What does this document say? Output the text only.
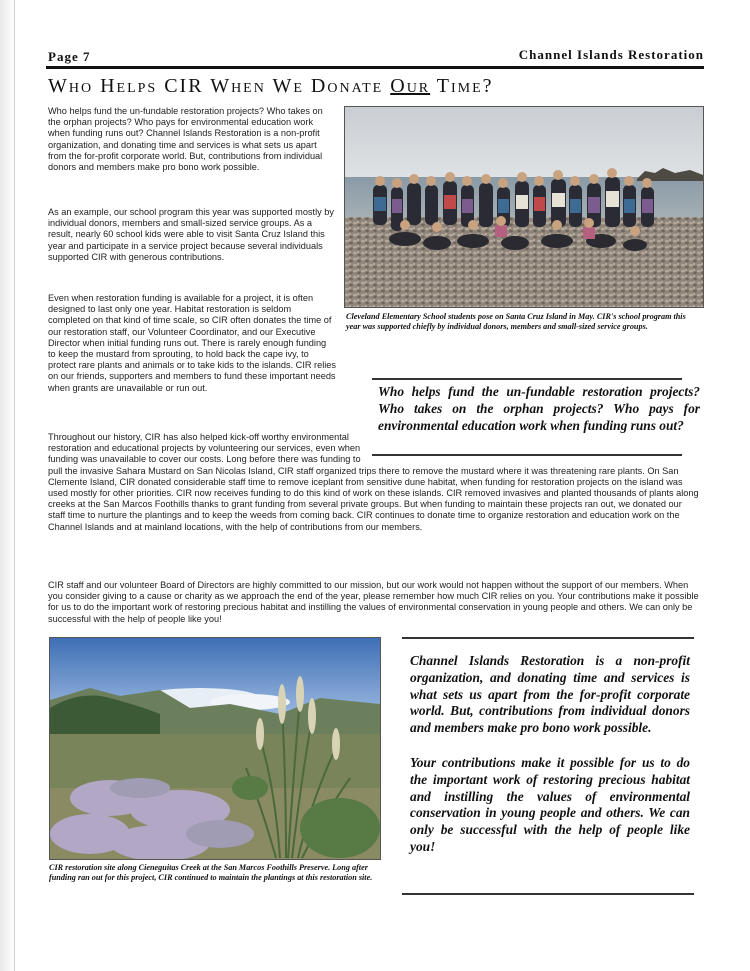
Page 7	Channel Islands Restoration
Who Helps CIR When We Donate Our Time?
Who helps fund the un-fundable restoration projects? Who takes on the orphan projects? Who pays for environmental education work when funding runs out? Channel Islands Restoration is a non-profit organization, and donating time and services is what sets us apart from the for-profit corporate world. But, contributions from individual donors and members make pro bono work possible.
As an example, our school program this year was supported mostly by individual donors, members and small-sized service groups. As a result, nearly 60 school kids were able to visit Santa Cruz Island this year and participate in a service project because several individuals supported CIR with generous contributions.
Even when restoration funding is available for a project, it is often designed to last only one year. Habitat restoration is seldom completed on that kind of time scale, so CIR often donates the time of our restoration staff, our Volunteer Coordinator, and our Executive Director when initial funding runs out. There is rarely enough funding to keep the mustard from sprouting, to hold back the cape ivy, to protect rare plants and animals or to take kids to the islands. CIR relies on our friends, supporters and members to fund these important needs when grants are unavailable or run out.
Cleveland Elementary School students pose on Santa Cruz Island in May. CIR's school program this year was supported chiefly by individual donors, members and small-sized service groups.
Who helps fund the un-fundable restoration projects? Who takes on the orphan projects? Who pays for environmental education work when funding runs out?
Throughout our history, CIR has also helped kick-off worthy environmental restoration and educational projects by volunteering our services, even when funding was unavailable to cover our costs. Long before there was funding to pull the invasive Sahara Mustard on San Nicolas Island, CIR staff organized trips there to remove the mustard where it was threatening rare plants. On San Clemente Island, CIR donated considerable staff time to remove iceplant from sensitive dune habitat, when funding for restoration projects on the island was used mostly for other priorities. CIR now receives funding to do this kind of work on these islands. CIR removed invasives and planted thousands of plants along creeks at the San Marcos Foothills thanks to grant funding from several private groups. But when funding to maintain these projects ran out, we donated our staff time to nurture the plantings and to keep the weeds from coming back. CIR continues to donate time to organize restoration and education work on the Channel Islands and at mainland locations, with the help of contributions from our members.
CIR staff and our volunteer Board of Directors are highly committed to our mission, but our work would not happen without the support of our members. When you consider giving to a cause or charity as we approach the end of the year, please remember how much CIR relies on you. Your contributions make it possible for us to do the important work of restoring precious habitat and instilling the values of environmental conservation in young people and others. We can only be successful with the help of people like you!
CIR restoration site along Cieneguitas Creek at the San Marcos Foothills Preserve. Long after funding ran out for this project, CIR continued to maintain the plantings at this restoration site.

Channel Islands Restoration is a non-profit organization, and donating time and services is what sets us apart from the for-profit corporate world. But, contributions from individual donors and members make pro bono work possible.

Your contributions make it possible for us to do the important work of restoring precious habitat and instilling the values of environmental conservation in young people and others. We can only be successful with the help of people like you!
